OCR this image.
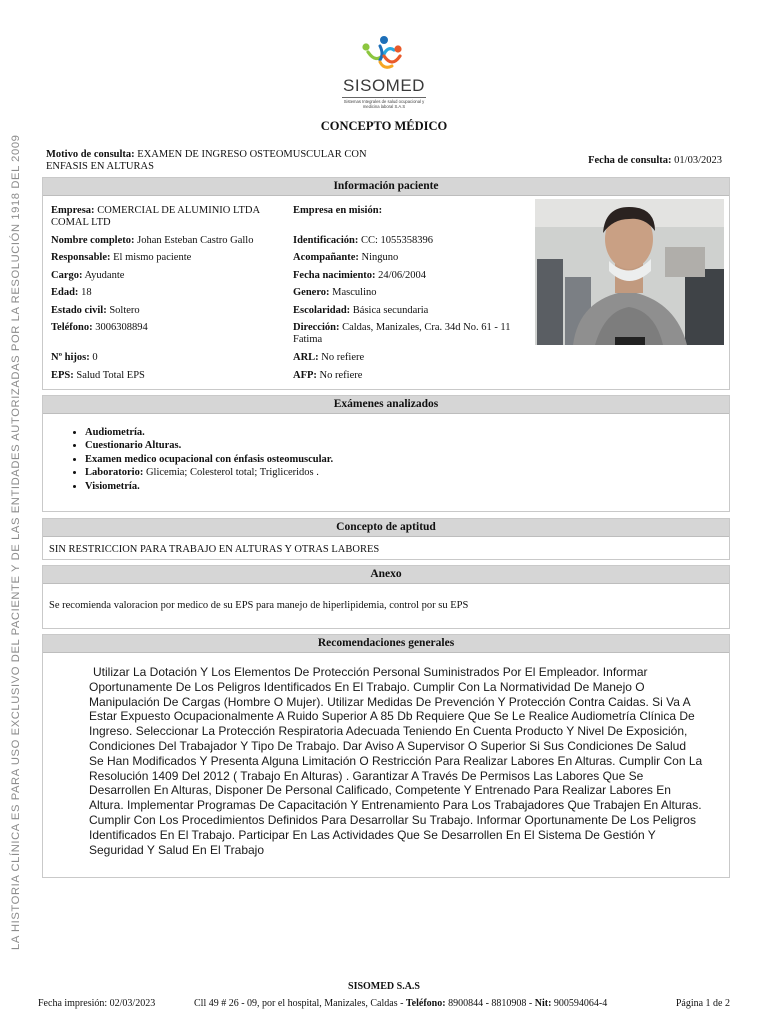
LA HISTORIA CLÍNICA ES PARA USO EXCLUSIVO DEL PACIENTE Y DE LAS ENTIDADES AUTORIZADAS POR LA RESOLUCIÓN 1918 DEL 2009
SISOMED
Sistemas Integrales de salud ocupacional y medicina laboral S.A.S
CONCEPTO MÉDICO
Motivo de consulta: EXAMEN DE INGRESO OSTEOMUSCULAR CON ENFASIS EN ALTURAS
Fecha de consulta: 01/03/2023
Información paciente
Empresa: COMERCIAL DE ALUMINIO LTDA COMAL LTD
Empresa en misión:
Nombre completo: Johan Esteban Castro Gallo	Identificación: CC: 1055358396
Responsable: El mismo paciente	Acompañante: Ninguno
Cargo: Ayudante	Fecha nacimiento: 24/06/2004
Edad: 18	Genero: Masculino
Estado civil: Soltero	Escolaridad: Básica secundaria
Teléfono: 3006308894	Dirección: Caldas, Manizales, Cra. 34d No. 61 - 11 Fatima
Nº hijos: 0	ARL: No refiere
EPS: Salud Total EPS	AFP: No refiere
Exámenes analizados
• Audiometría.
• Cuestionario Alturas.
• Examen medico ocupacional con énfasis osteomuscular.
• Laboratorio: Glicemia; Colesterol total; Trigliceridos .
• Visiometría.
Concepto de aptitud
SIN RESTRICCION PARA TRABAJO EN ALTURAS Y OTRAS LABORES
Anexo
Se recomienda valoracion por medico de su EPS para manejo de hiperlipidemia, control por su EPS
Recomendaciones generales
Utilizar La Dotación Y Los Elementos De Protección Personal Suministrados Por El Empleador. Informar Oportunamente De Los Peligros Identificados En El Trabajo. Cumplir Con La Normatividad De Manejo O Manipulación De Cargas (Hombre O Mujer). Utilizar Medidas De Prevención Y Protección Contra Caidas. Si Va A Estar Expuesto Ocupacionalmente A Ruido Superior A 85 Db Requiere Que Se Le Realice Audiometría Clínica De Ingreso. Seleccionar La Protección Respiratoria Adecuada Teniendo En Cuenta Producto Y Nivel De Exposición, Condiciones Del Trabajador Y Tipo De Trabajo. Dar Aviso A Supervisor O Superior Si Sus Condiciones De Salud Se Han Modificados Y Presenta Alguna Limitación O Restricción Para Realizar Labores En Alturas. Cumplir Con La Resolución 1409 Del 2012 ( Trabajo En Alturas) . Garantizar A Través De Permisos Las Labores Que Se Desarrollen En Alturas, Disponer De Personal Calificado, Competente Y Entrenado Para Realizar Labores En Altura. Implementar Programas De Capacitación Y Entrenamiento Para Los Trabajadores Que Trabajen En Alturas. Cumplir Con Los Procedimientos Definidos Para Desarrollar Su Trabajo. Informar Oportunamente De Los Peligros Identificados En El Trabajo. Participar En Las Actividades Que Se Desarrollen En El Sistema De Gestión Y Seguridad Y Salud En El Trabajo
SISOMED S.A.S
Fecha impresión: 02/03/2023	Cll 49 # 26 - 09, por el hospital, Manizales, Caldas - Teléfono: 8900844 - 8810908 - Nit: 900594064-4	Página 1 de 2
